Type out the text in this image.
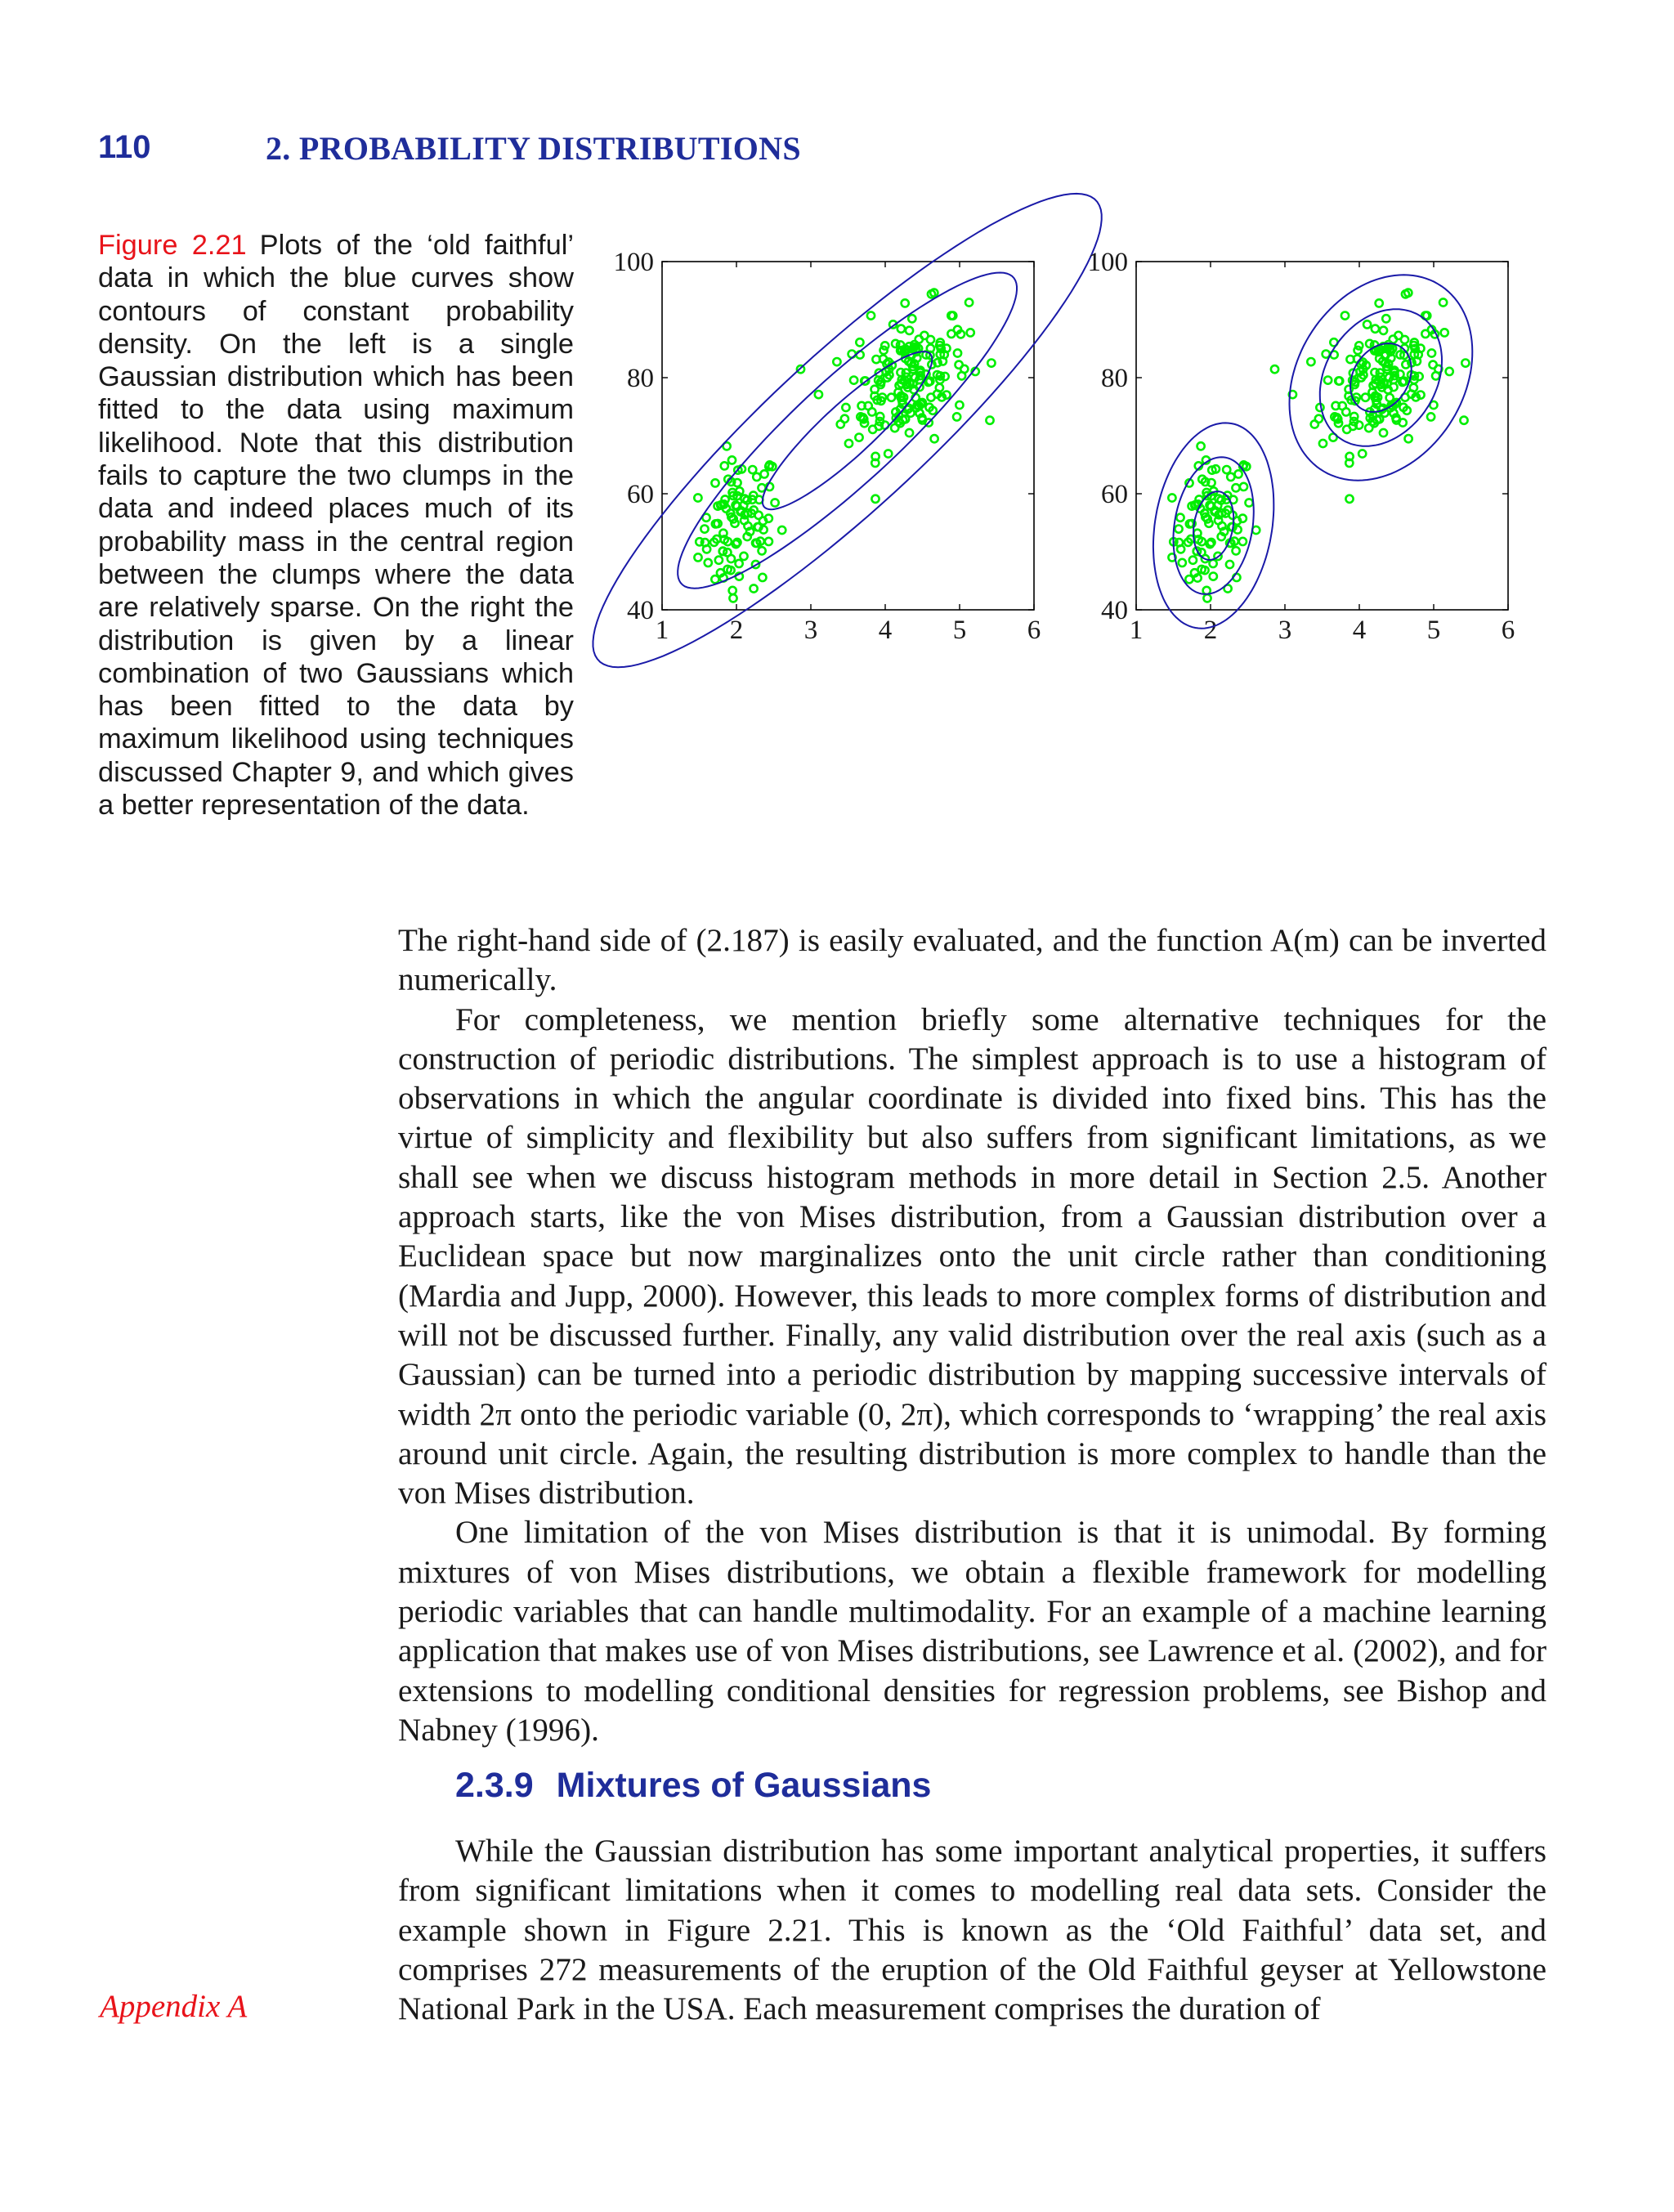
110	2. PROBABILITY DISTRIBUTIONS
Figure 2.21 Plots of the ‘old faithful’ data in which the blue curves show contours of constant probability density. On the left is a single Gaussian distribution which has been fitted to the data using maximum likelihood. Note that this distribution fails to capture the two clumps in the data and indeed places much of its probability mass in the central region between the clumps where the data are relatively sparse. On the right the distribution is given by a linear combination of two Gaussians which has been fitted to the data by maximum likelihood using techniques discussed Chapter 9, and which gives a better representation of the data.
1 2 3 4 5 6
40
60
80
100
1 2 3 4 5 6
40
60
80
100

The right-hand side of (2.187) is easily evaluated, and the function A(m) can be inverted numerically.

For completeness, we mention briefly some alternative techniques for the construction of periodic distributions. The simplest approach is to use a histogram of observations in which the angular coordinate is divided into fixed bins. This has the virtue of simplicity and flexibility but also suffers from significant limitations, as we shall see when we discuss histogram methods in more detail in Section 2.5. Another approach starts, like the von Mises distribution, from a Gaussian distribution over a Euclidean space but now marginalizes onto the unit circle rather than conditioning (Mardia and Jupp, 2000). However, this leads to more complex forms of distribution and will not be discussed further. Finally, any valid distribution over the real axis (such as a Gaussian) can be turned into a periodic distribution by mapping successive intervals of width 2π onto the periodic variable (0, 2π), which corresponds to ‘wrapping’ the real axis around unit circle. Again, the resulting distribution is more complex to handle than the von Mises distribution.

One limitation of the von Mises distribution is that it is unimodal. By forming mixtures of von Mises distributions, we obtain a flexible framework for modelling periodic variables that can handle multimodality. For an example of a machine learning application that makes use of von Mises distributions, see Lawrence et al. (2002), and for extensions to modelling conditional densities for regression problems, see Bishop and Nabney (1996).

2.3.9 Mixtures of Gaussians

While the Gaussian distribution has some important analytical properties, it suffers from significant limitations when it comes to modelling real data sets. Consider the example shown in Figure 2.21. This is known as the ‘Old Faithful’ data set, and comprises 272 measurements of the eruption of the Old Faithful geyser at Yellowstone National Park in the USA. Each measurement comprises the duration of

Appendix A
